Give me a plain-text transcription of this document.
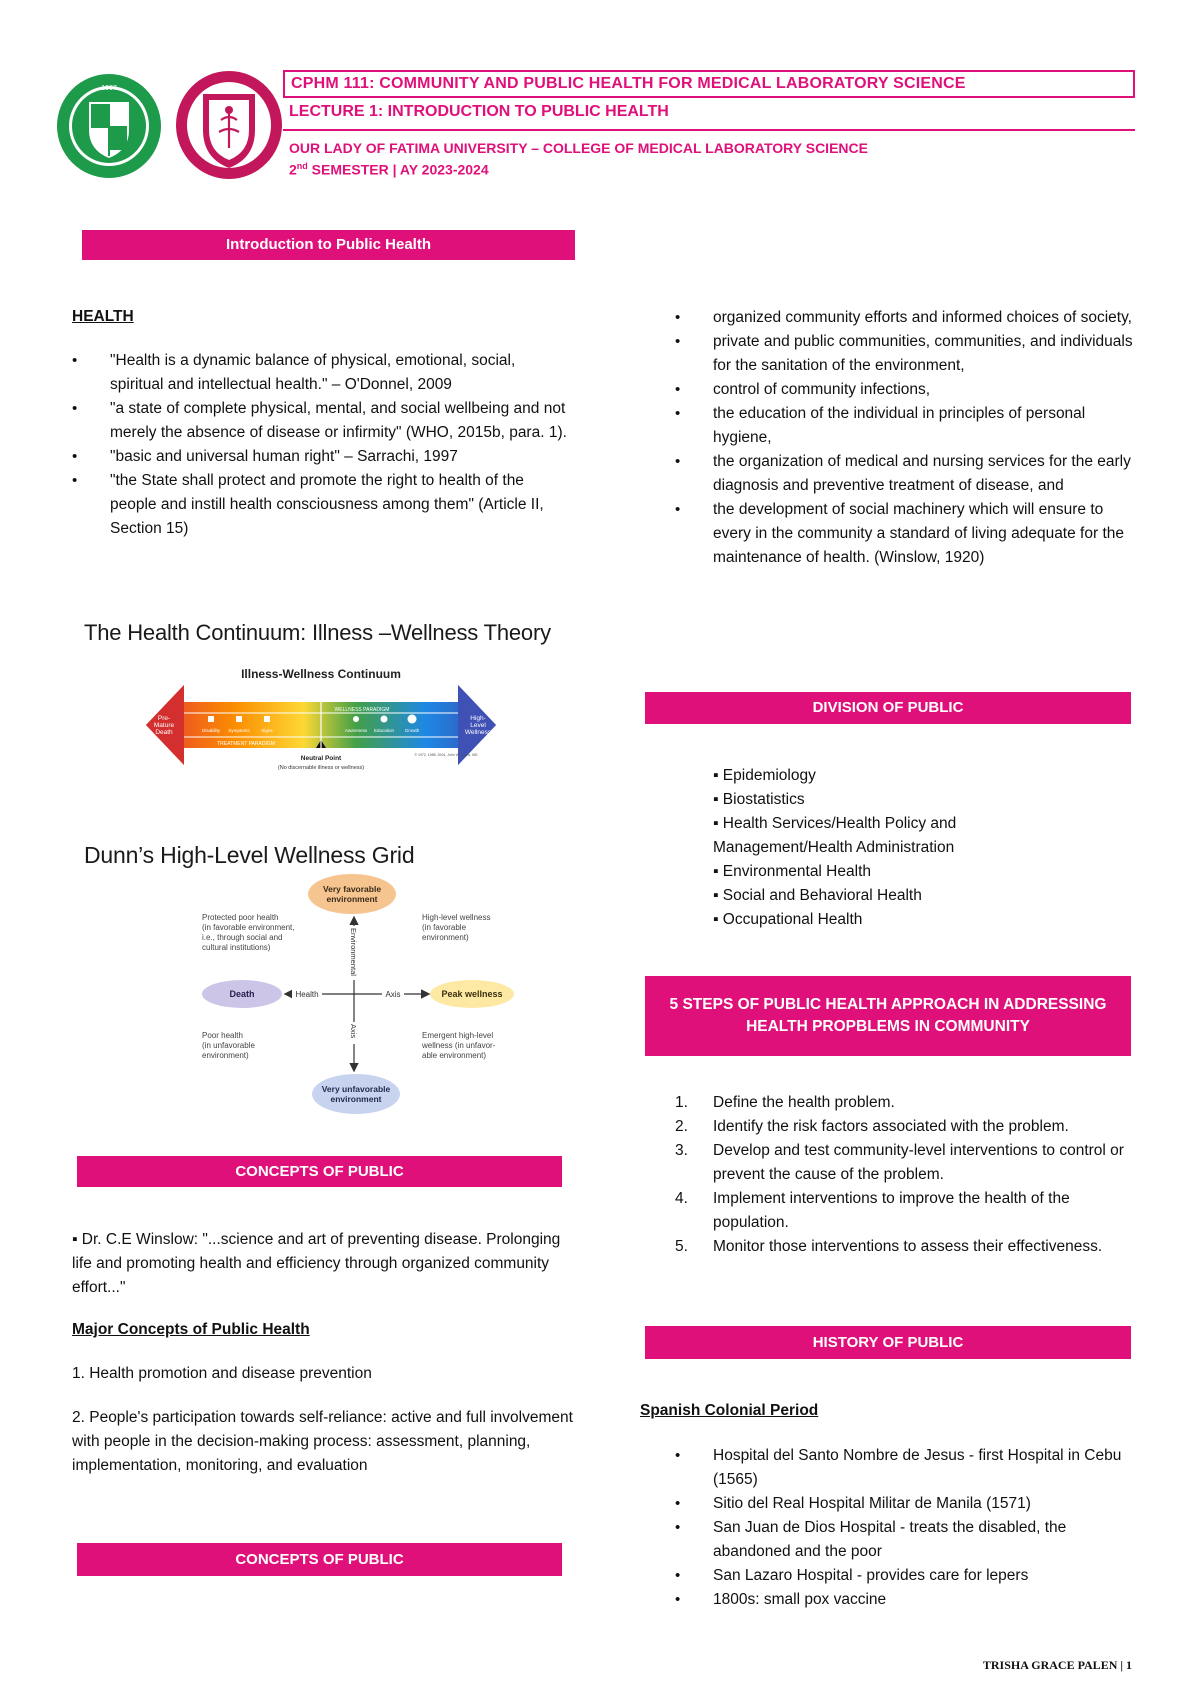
1967	CPHM 111: COMMUNITY AND PUBLIC HEALTH FOR MEDICAL LABORATORY SCIENCE
LECTURE 1: INTRODUCTION TO PUBLIC HEALTH
OUR LADY OF FATIMA UNIVERSITY – COLLEGE OF MEDICAL LABORATORY SCIENCE
2nd SEMESTER | AY 2023-2024
Introduction to Public Health
HEALTH
• "Health is a dynamic balance of physical, emotional, social, spiritual and intellectual health." – O'Donnel, 2009
• "a state of complete physical, mental, and social wellbeing and not merely the absence of disease or infirmity" (WHO, 2015b, para. 1).
• "basic and universal human right" – Sarrachi, 1997
• "the State shall protect and promote the right to health of the people and instill health consciousness among them" (Article II, Section 15)
The Health Continuum: Illness –Wellness Theory
Illness-Wellness Continuum
WELLNESS PARADIGM
TREATMENT PARADIGM
Disability Symptoms	Signs	Awareness Education Growth
Pre-
Mature
Death
High-
Level
Wellness
Neutral Point
(No discernable illness or wellness)
© 1972, 1988, 2004, John W. Travis, MD
Dunn’s High-Level Wellness Grid
Very favorable
environment
Very unfavorable
environment
Death	Peak wellness
Health	Axis
Environmental
Axis
Protected poor health
(in favorable environment,
i.e., through social and
cultural institutions)
High-level wellness
(in favorable
environment)
Poor health
(in unfavorable
environment)
Emergent high-level
wellness (in unfavor-
able environment)
CONCEPTS OF PUBLIC
▪ Dr. C.E Winslow: "...science and art of preventing disease. Prolonging life and promoting health and efficiency through organized community effort..."
Major Concepts of Public Health
1. Health promotion and disease prevention
2. People's participation towards self-reliance: active and full involvement with people in the decision-making process: assessment, planning, implementation, monitoring, and evaluation
CONCEPTS OF PUBLIC
• organized community efforts and informed choices of society,
• private and public communities, communities, and individuals for the sanitation of the environment,
• control of community infections,
• the education of the individual in principles of personal hygiene,
• the organization of medical and nursing services for the early diagnosis and preventive treatment of disease, and
• the development of social machinery which will ensure to every in the community a standard of living adequate for the maintenance of health. (Winslow, 1920)
DIVISION OF PUBLIC
▪ Epidemiology
▪ Biostatistics
▪ Health Services/Health Policy and Management/Health Administration
▪ Environmental Health
▪ Social and Behavioral Health
▪ Occupational Health
5 STEPS OF PUBLIC HEALTH APPROACH IN ADDRESSING HEALTH PROPBLEMS IN COMMUNITY
1. Define the health problem.
2. Identify the risk factors associated with the problem.
3. Develop and test community-level interventions to control or prevent the cause of the problem.
4. Implement interventions to improve the health of the population.
5. Monitor those interventions to assess their effectiveness.
HISTORY OF PUBLIC
Spanish Colonial Period
• Hospital del Santo Nombre de Jesus - first Hospital in Cebu (1565)
• Sitio del Real Hospital Militar de Manila (1571)
• San Juan de Dios Hospital - treats the disabled, the abandoned and the poor
• San Lazaro Hospital - provides care for lepers
• 1800s: small pox vaccine
TRISHA GRACE PALEN | 1
